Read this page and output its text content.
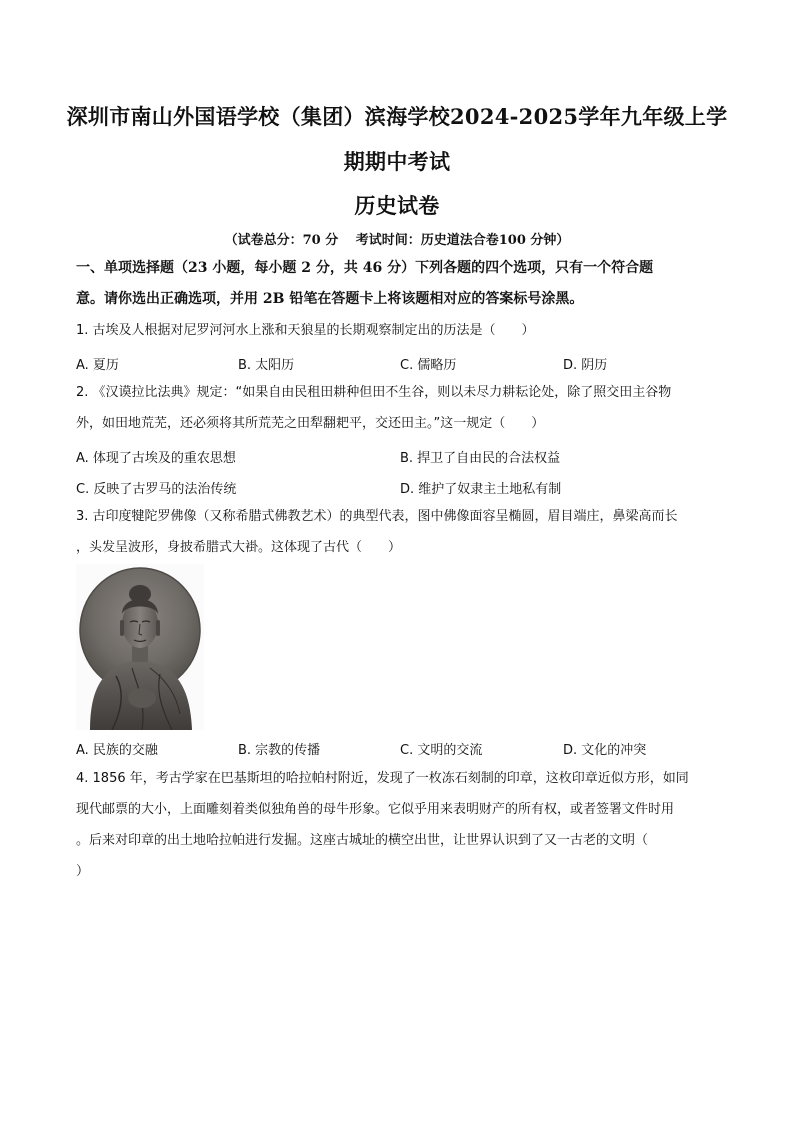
深圳市南山外国语学校（集团）滨海学校2024-2025学年九年级上学
期期中考试
历史试卷
（试卷总分：70 分　 考试时间：历史道法合卷100 分钟）
一、单项选择题（23 小题，每小题 2 分，共 46 分）下列各题的四个选项，只有一个符合题
意。请你选出正确选项，并用 2B 铅笔在答题卡上将该题相对应的答案标号涂黑。
1. 古埃及人根据对尼罗河河水上涨和天狼星的长期观察制定出的历法是（　　）
A. 夏历	B. 太阳历	C. 儒略历	D. 阴历
2. 《汉谟拉比法典》规定：“如果自由民租田耕种但田不生谷，则以未尽力耕耘论处，除了照交田主谷物
外，如田地荒芜，还必须将其所荒芜之田犁翻耙平，交还田主。”这一规定（　　）
A. 体现了古埃及的重农思想	B. 捍卫了自由民的合法权益
C. 反映了古罗马的法治传统	D. 维护了奴隶主土地私有制
3. 古印度犍陀罗佛像（又称希腊式佛教艺术）的典型代表，图中佛像面容呈椭圆，眉目端庄，鼻梁高而长
，头发呈波形，身披希腊式大褂。这体现了古代（　　）
A. 民族的交融	B. 宗教的传播	C. 文明的交流	D. 文化的冲突
4. 1856 年，考古学家在巴基斯坦的哈拉帕村附近，发现了一枚冻石刻制的印章，这枚印章近似方形，如同
现代邮票的大小，上面雕刻着类似独角兽的母牛形象。它似乎用来表明财产的所有权，或者签署文件时用
。后来对印章的出土地哈拉帕进行发掘。这座古城址的横空出世，让世界认识到了又一古老的文明（
）
